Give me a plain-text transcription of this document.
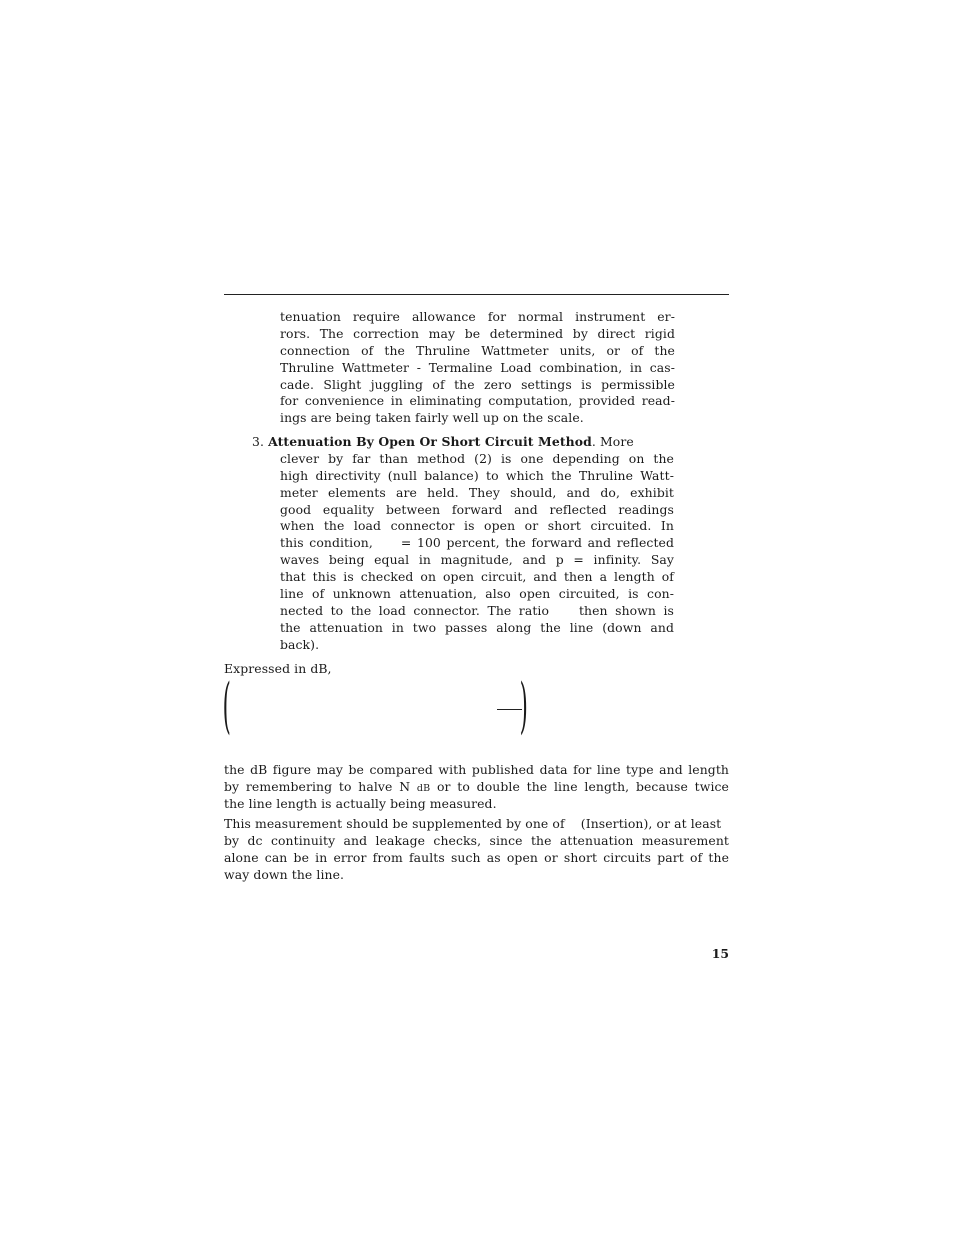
tenuation require allowance for normal instrument er-
rors. The correction may be determined by direct rigid
connection of the Thruline Wattmeter units, or of the
Thruline Wattmeter - Termaline Load combination, in cas-
cade. Slight juggling of the zero settings is permissible
for convenience in eliminating computation, provided read-
ings are being taken fairly well up on the scale.
3. Attenuation By Open Or Short Circuit Method. More
clever by far than method (2) is one depending on the
high directivity (null balance) to which the Thruline Watt-
meter elements are held. They should, and do, exhibit
good equality between forward and reflected readings
when the load connector is open or short circuited. In
this condition,     = 100 percent, the forward and reflected
waves being equal in magnitude, and p = infinity. Say
that this is checked on open circuit, and then a length of
line of unknown attenuation, also open circuited, is con-
nected to the load connector. The ratio    then shown is
the attenuation in two passes along the line (down and
back).
Expressed in dB,
(	)
the dB figure may be compared with published data for line type and length
by remembering to halve N dB or to double the line length, because twice
the line length is actually being measured.
This measurement should be supplemented by one of    (Insertion), or at least
by dc continuity and leakage checks, since the attenuation measurement
alone can be in error from faults such as open or short circuits part of the
way down the line.
15
